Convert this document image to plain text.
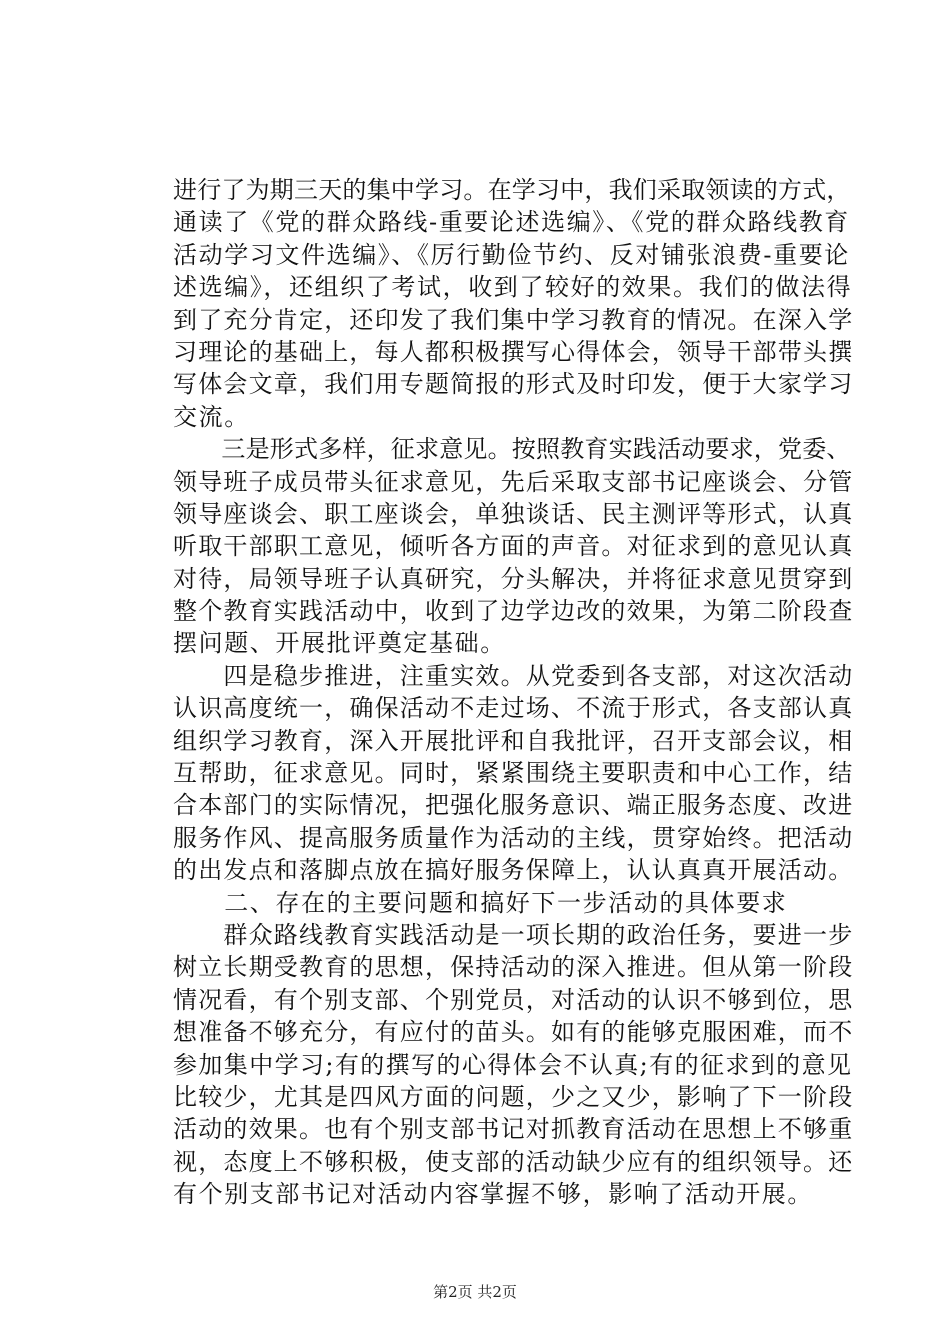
进行了为期三天的集中学习。在学习中，我们采取领读的方式，
通读了《党的群众路线-重要论述选编》、《党的群众路线教育
活动学习文件选编》、《厉行勤俭节约、反对铺张浪费-重要论
述选编》，还组织了考试，收到了较好的效果。我们的做法得
到了充分肯定，还印发了我们集中学习教育的情况。在深入学
习理论的基础上，每人都积极撰写心得体会，领导干部带头撰
写体会文章，我们用专题简报的形式及时印发，便于大家学习
交流。
　　三是形式多样，征求意见。按照教育实践活动要求，党委、
领导班子成员带头征求意见，先后采取支部书记座谈会、分管
领导座谈会、职工座谈会，单独谈话、民主测评等形式，认真
听取干部职工意见，倾听各方面的声音。对征求到的意见认真
对待，局领导班子认真研究，分头解决，并将征求意见贯穿到
整个教育实践活动中，收到了边学边改的效果，为第二阶段查
摆问题、开展批评奠定基础。
　　四是稳步推进，注重实效。从党委到各支部，对这次活动
认识高度统一，确保活动不走过场、不流于形式，各支部认真
组织学习教育，深入开展批评和自我批评，召开支部会议，相
互帮助，征求意见。同时，紧紧围绕主要职责和中心工作，结
合本部门的实际情况，把强化服务意识、端正服务态度、改进
服务作风、提高服务质量作为活动的主线，贯穿始终。把活动
的出发点和落脚点放在搞好服务保障上，认认真真开展活动。
　　二、存在的主要问题和搞好下一步活动的具体要求
　　群众路线教育实践活动是一项长期的政治任务，要进一步
树立长期受教育的思想，保持活动的深入推进。但从第一阶段
情况看，有个别支部、个别党员，对活动的认识不够到位，思
想准备不够充分，有应付的苗头。如有的能够克服困难，而不
参加集中学习;有的撰写的心得体会不认真;有的征求到的意见
比较少，尤其是四风方面的问题，少之又少，影响了下一阶段
活动的效果。也有个别支部书记对抓教育活动在思想上不够重
视，态度上不够积极，使支部的活动缺少应有的组织领导。还
有个别支部书记对活动内容掌握不够，影响了活动开展。
第2页 共2页
